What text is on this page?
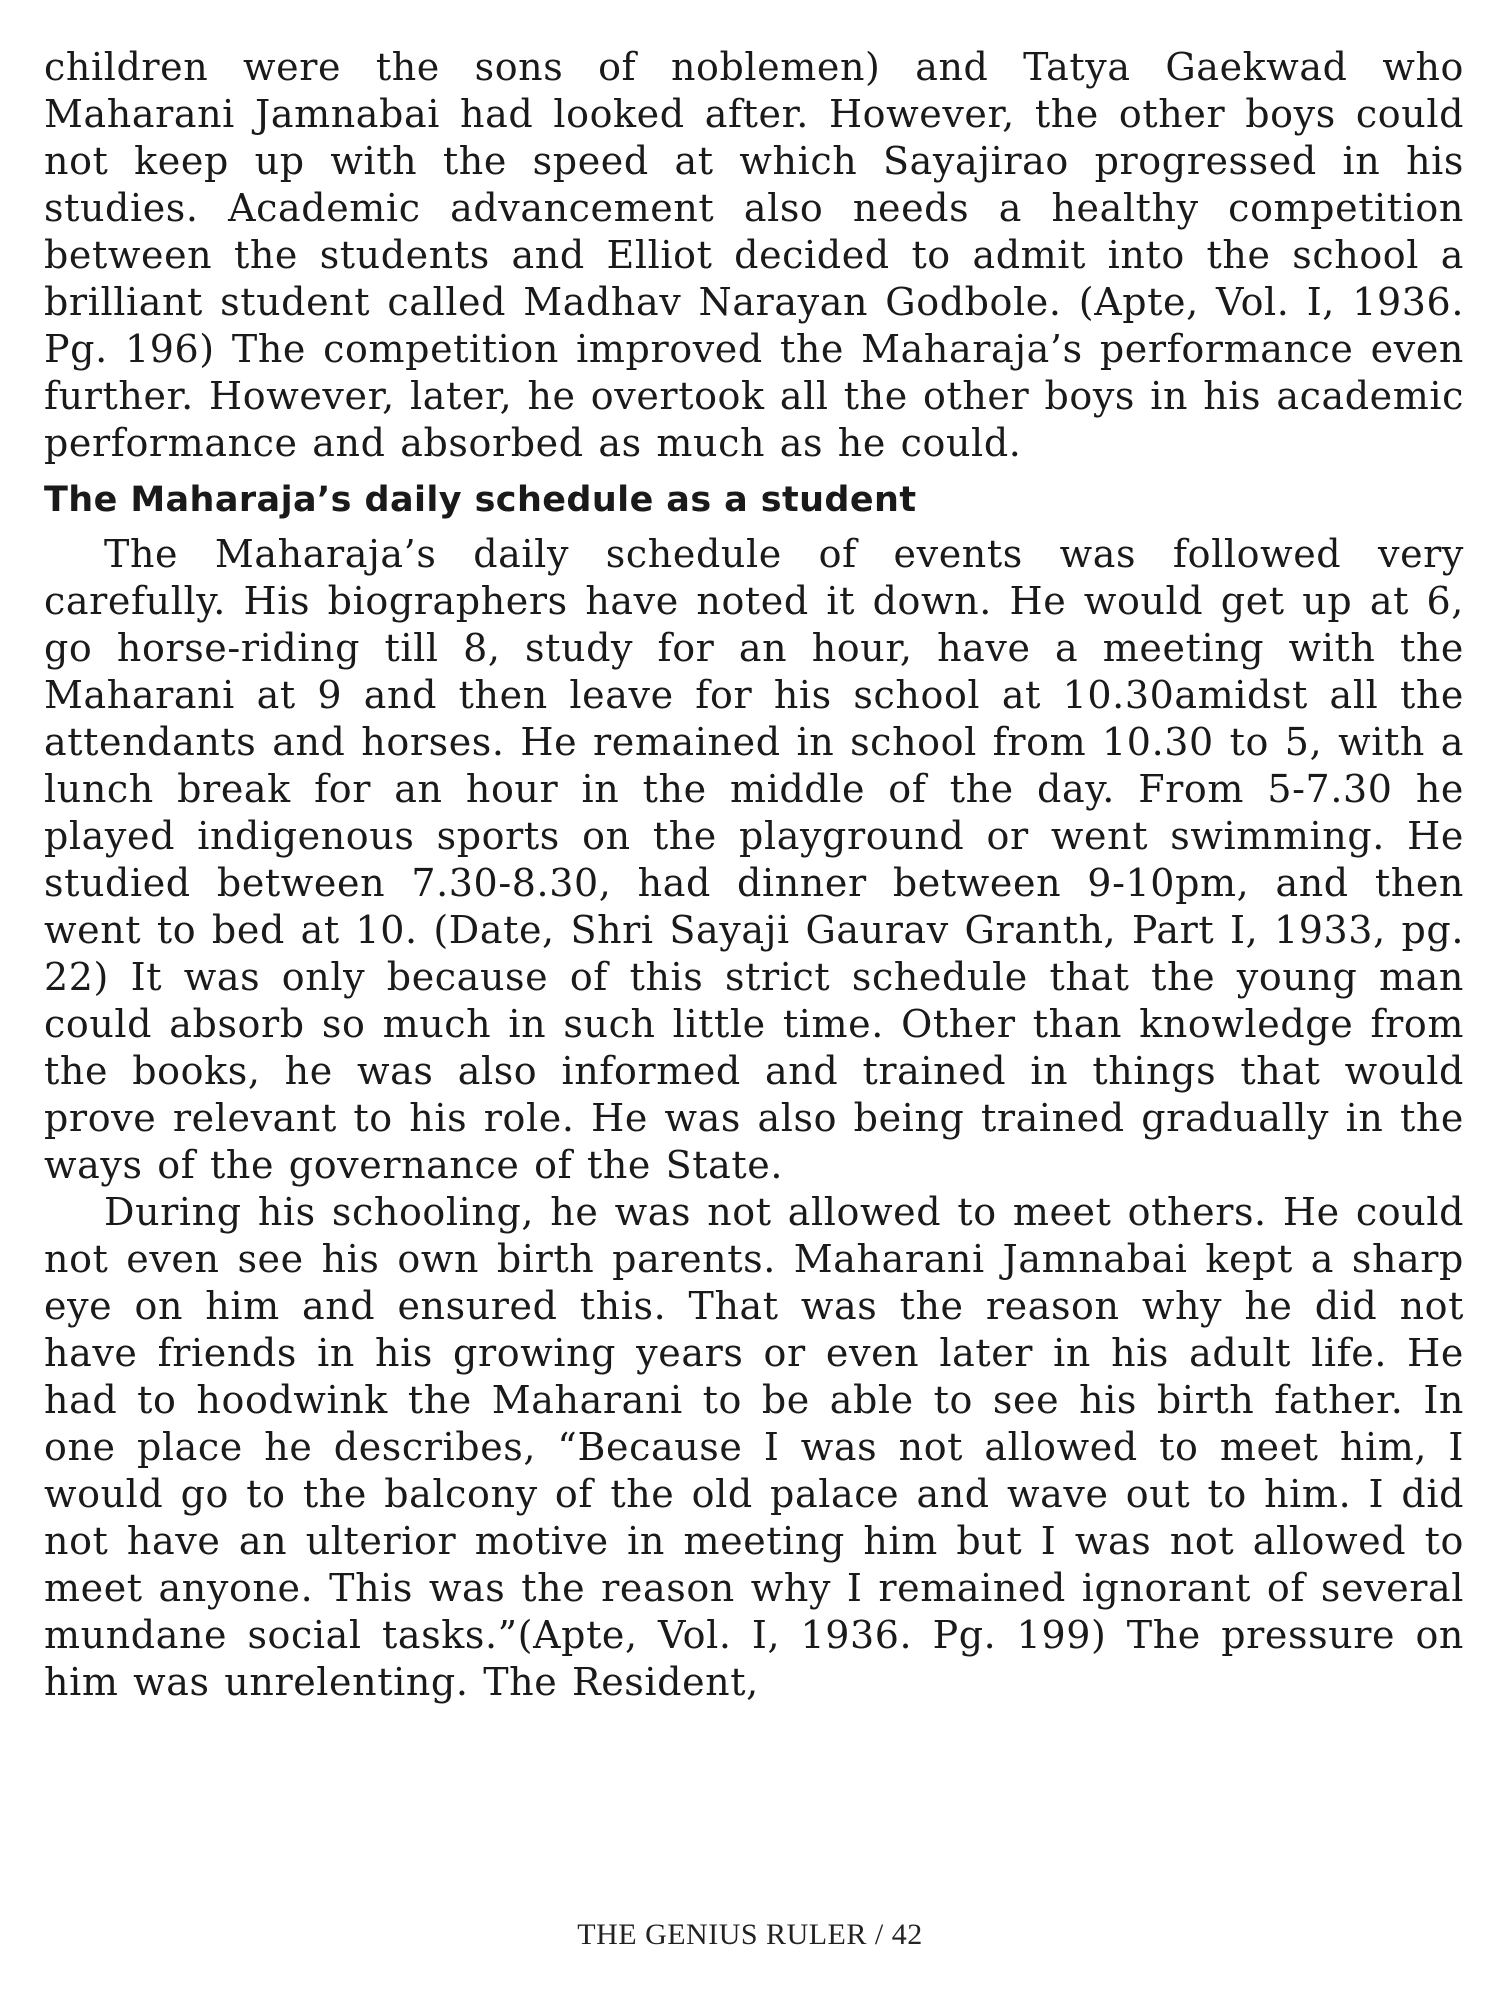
children were the sons of noblemen) and Tatya Gaekwad who Maharani Jamnabai had looked after. However, the other boys could not keep up with the speed at which Sayajirao progressed in his studies. Academic advancement also needs a healthy competition between the students and Elliot decided to admit into the school a brilliant student called Madhav Narayan Godbole. (Apte, Vol. I, 1936. Pg. 196) The competition improved the Maharaja’s performance even further. However, later, he overtook all the other boys in his academic performance and absorbed as much as he could.

The Maharaja’s daily schedule as a student

The Maharaja’s daily schedule of events was followed very carefully. His biographers have noted it down. He would get up at 6, go horse-riding till 8, study for an hour, have a meeting with the Maharani at 9 and then leave for his school at 10.30amidst all the attendants and horses. He remained in school from 10.30 to 5, with a lunch break for an hour in the middle of the day. From 5-7.30 he played indigenous sports on the playground or went swimming. He studied between 7.30-8.30, had dinner between 9-10pm, and then went to bed at 10. (Date, Shri Sayaji Gaurav Granth, Part I, 1933, pg. 22) It was only because of this strict schedule that the young man could absorb so much in such little time. Other than knowledge from the books, he was also informed and trained in things that would prove relevant to his role. He was also being trained gradually in the ways of the governance of the State.

During his schooling, he was not allowed to meet others. He could not even see his own birth parents. Maharani Jamnabai kept a sharp eye on him and ensured this. That was the reason why he did not have friends in his growing years or even later in his adult life. He had to hoodwink the Maharani to be able to see his birth father. In one place he describes, “Because I was not allowed to meet him, I would go to the balcony of the old palace and wave out to him. I did not have an ulterior motive in meeting him but I was not allowed to meet anyone. This was the reason why I remained ignorant of several mundane social tasks.”(Apte, Vol. I, 1936. Pg. 199) The pressure on him was unrelenting. The Resident,

THE GENIUS RULER / 42
